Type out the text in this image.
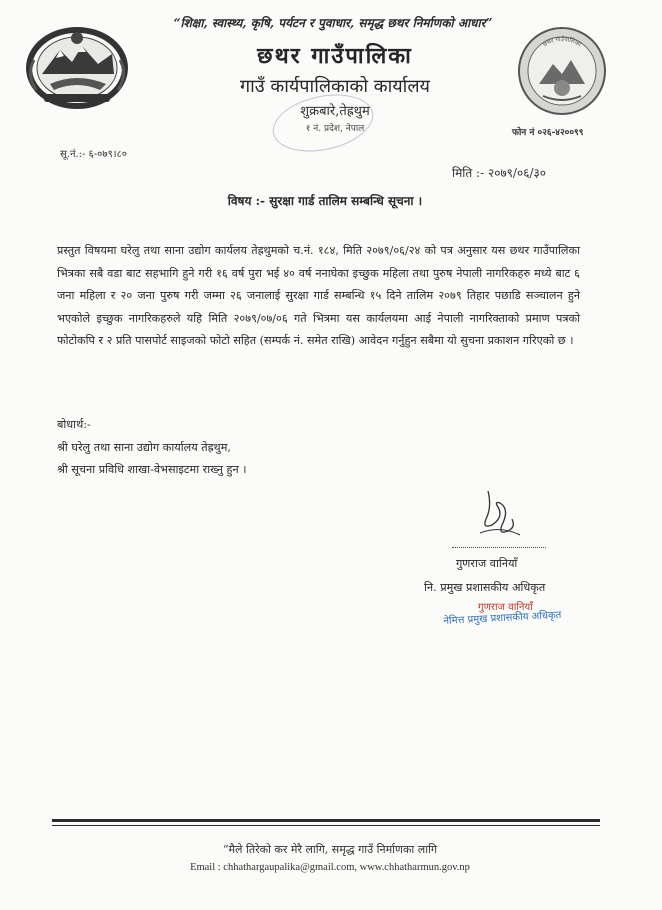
“शिक्षा, स्वास्थ्य, कृषि, पर्यटन र पुवाधार, समृद्ध छथर निर्माणको आधार”
छथर गाउँपालिका
गाउँ कार्यपालिकाको कार्यालय
शुक्रबारे,तेह्रथुम
१ नं. प्रदेश, नेपाल
छथर गाउँपालिका
फोन नं ०२६-४२००९९
सू.नं.:- ६-०७९।८०
मिति :- २०७९/०६/३०
विषय :- सुरक्षा गार्ड तालिम सम्बन्धि सूचना ।
प्रस्तुत विषयमा घरेलु तथा साना उद्योग कार्यलय तेह्रथुमको च.नं. १८४, मिति २०७९/०६/२४ को पत्र अनुसार यस छथर गाउँपालिका भित्रका सबै वडा बाट सहभागि हुने गरी १६ वर्ष पुरा भई ४० वर्ष ननाघेका इच्छुक महिला तथा पुरुष नेपाली नागरिकहरु मध्ये बाट ६ जना महिला र २० जना पुरुष गरी जम्मा २६ जनालाई सुरक्षा गार्ड सम्बन्धि १५ दिने तालिम २०७९ तिहार पछाडि सञ्चालन हुने भएकोले इच्छुक नागरिकहरुले यहि मिति २०७९/०७/०६ गते भित्रमा यस कार्यलयमा आई नेपाली नागरिक्ताको प्रमाण पत्रको फोटोकपि र २ प्रति पासपोर्ट साइजको फोटो सहित (सम्पर्क नं. समेत राखि) आवेदन गर्नुहुन सबैमा यो सुचना प्रकाशन गरिएको छ ।
बोधार्थ:-
श्री घरेलु तथा साना उद्योग कार्यालय तेह्रथुम,
श्री सूचना प्रविधि शाखा-वेभसाइटमा राख्नु हुन ।
गुणराज वानियाँ
नि. प्रमुख प्रशासकीय अधिकृत
गुणराज वानियाँ
नेमित्त प्रमुख प्रशासकीय अधिकृत
“मैले तिरेको कर मेरै लागि, समृद्ध गाउँ निर्माणका लागि
Email : chhathargaupalika@gmail.com, www.chhatharmun.gov.np
